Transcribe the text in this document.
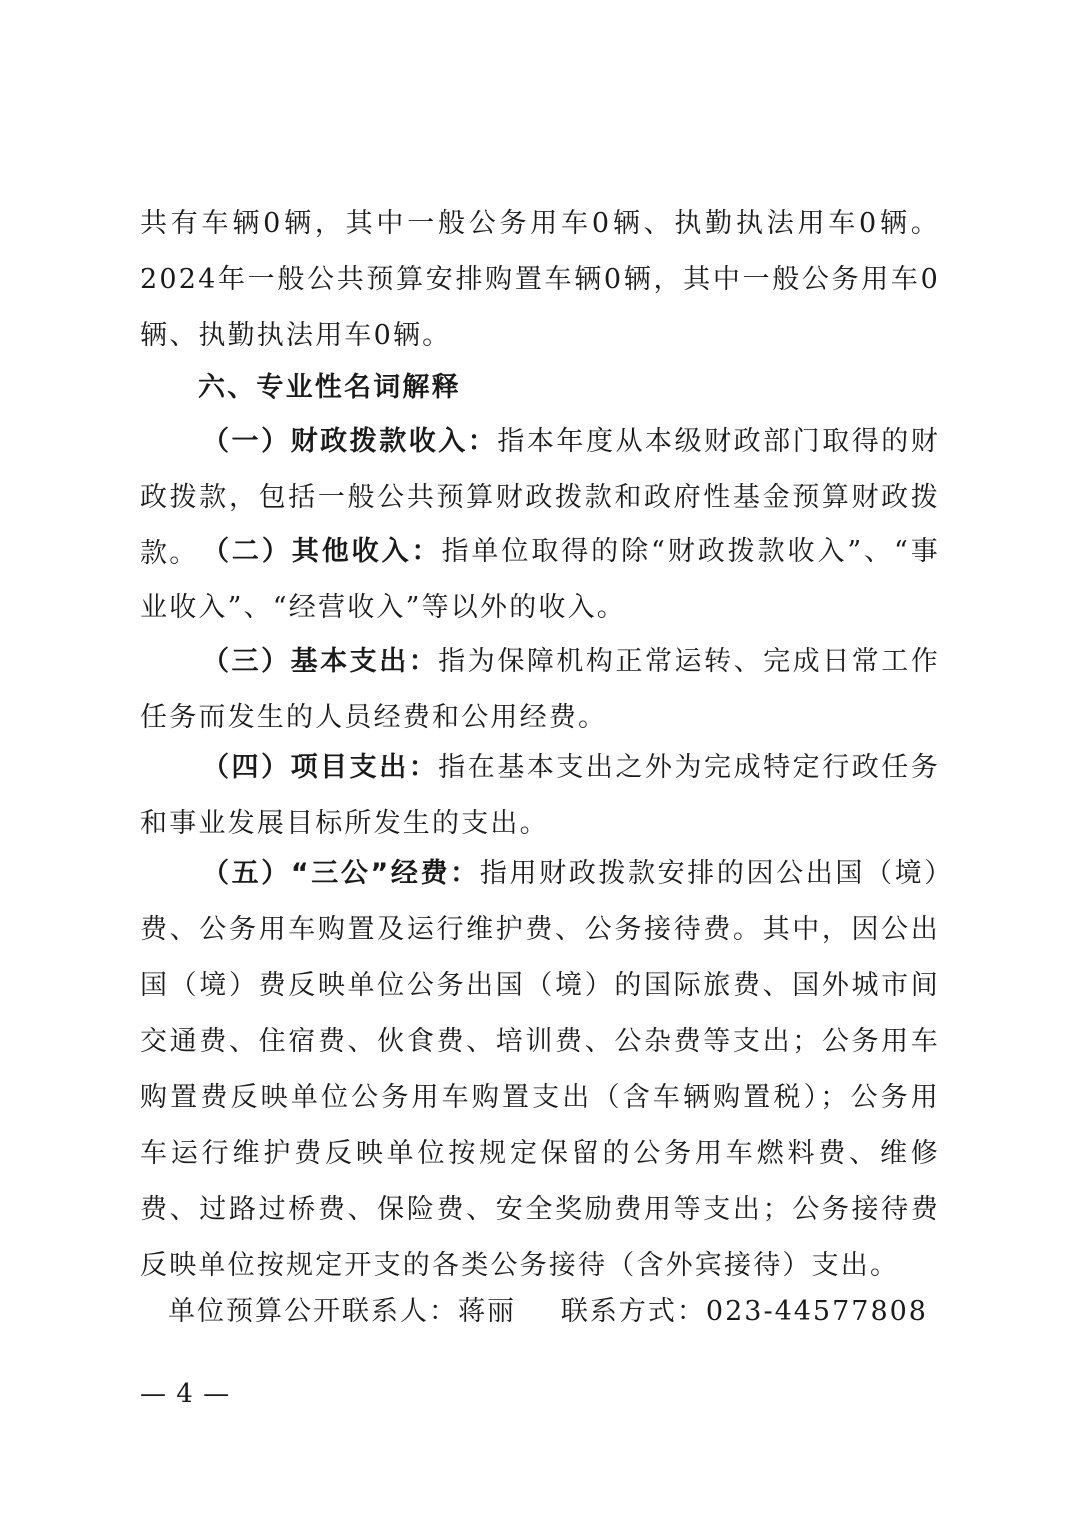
共有车辆0辆，其中一般公务用车0辆、执勤执法用车0辆。2024年一般公共预算安排购置车辆0辆，其中一般公务用车0辆、执勤执法用车0辆。

六、专业性名词解释

（一）财政拨款收入：指本年度从本级财政部门取得的财政拨款，包括一般公共预算财政拨款和政府性基金预算财政拨款。 （二）其他收入：指单位取得的除“财政拨款收入”、“事业收入”、“经营收入”等以外的收入。

（三）基本支出：指为保障机构正常运转、完成日常工作任务而发生的人员经费和公用经费。

（四）项目支出：指在基本支出之外为完成特定行政任务和事业发展目标所发生的支出。

（五）“三公”经费：指用财政拨款安排的因公出国（境）费、公务用车购置及运行维护费、公务接待费。其中，因公出国（境）费反映单位公务出国（境）的国际旅费、国外城市间交通费、住宿费、伙食费、培训费、公杂费等支出；公务用车购置费反映单位公务用车购置支出（含车辆购置税）；公务用车运行维护费反映单位按规定保留的公务用车燃料费、维修费、过路过桥费、保险费、安全奖励费用等支出；公务接待费反映单位按规定开支的各类公务接待（含外宾接待）支出。

单位预算公开联系人：蒋丽 联系方式：023-44577808
— 4 —
